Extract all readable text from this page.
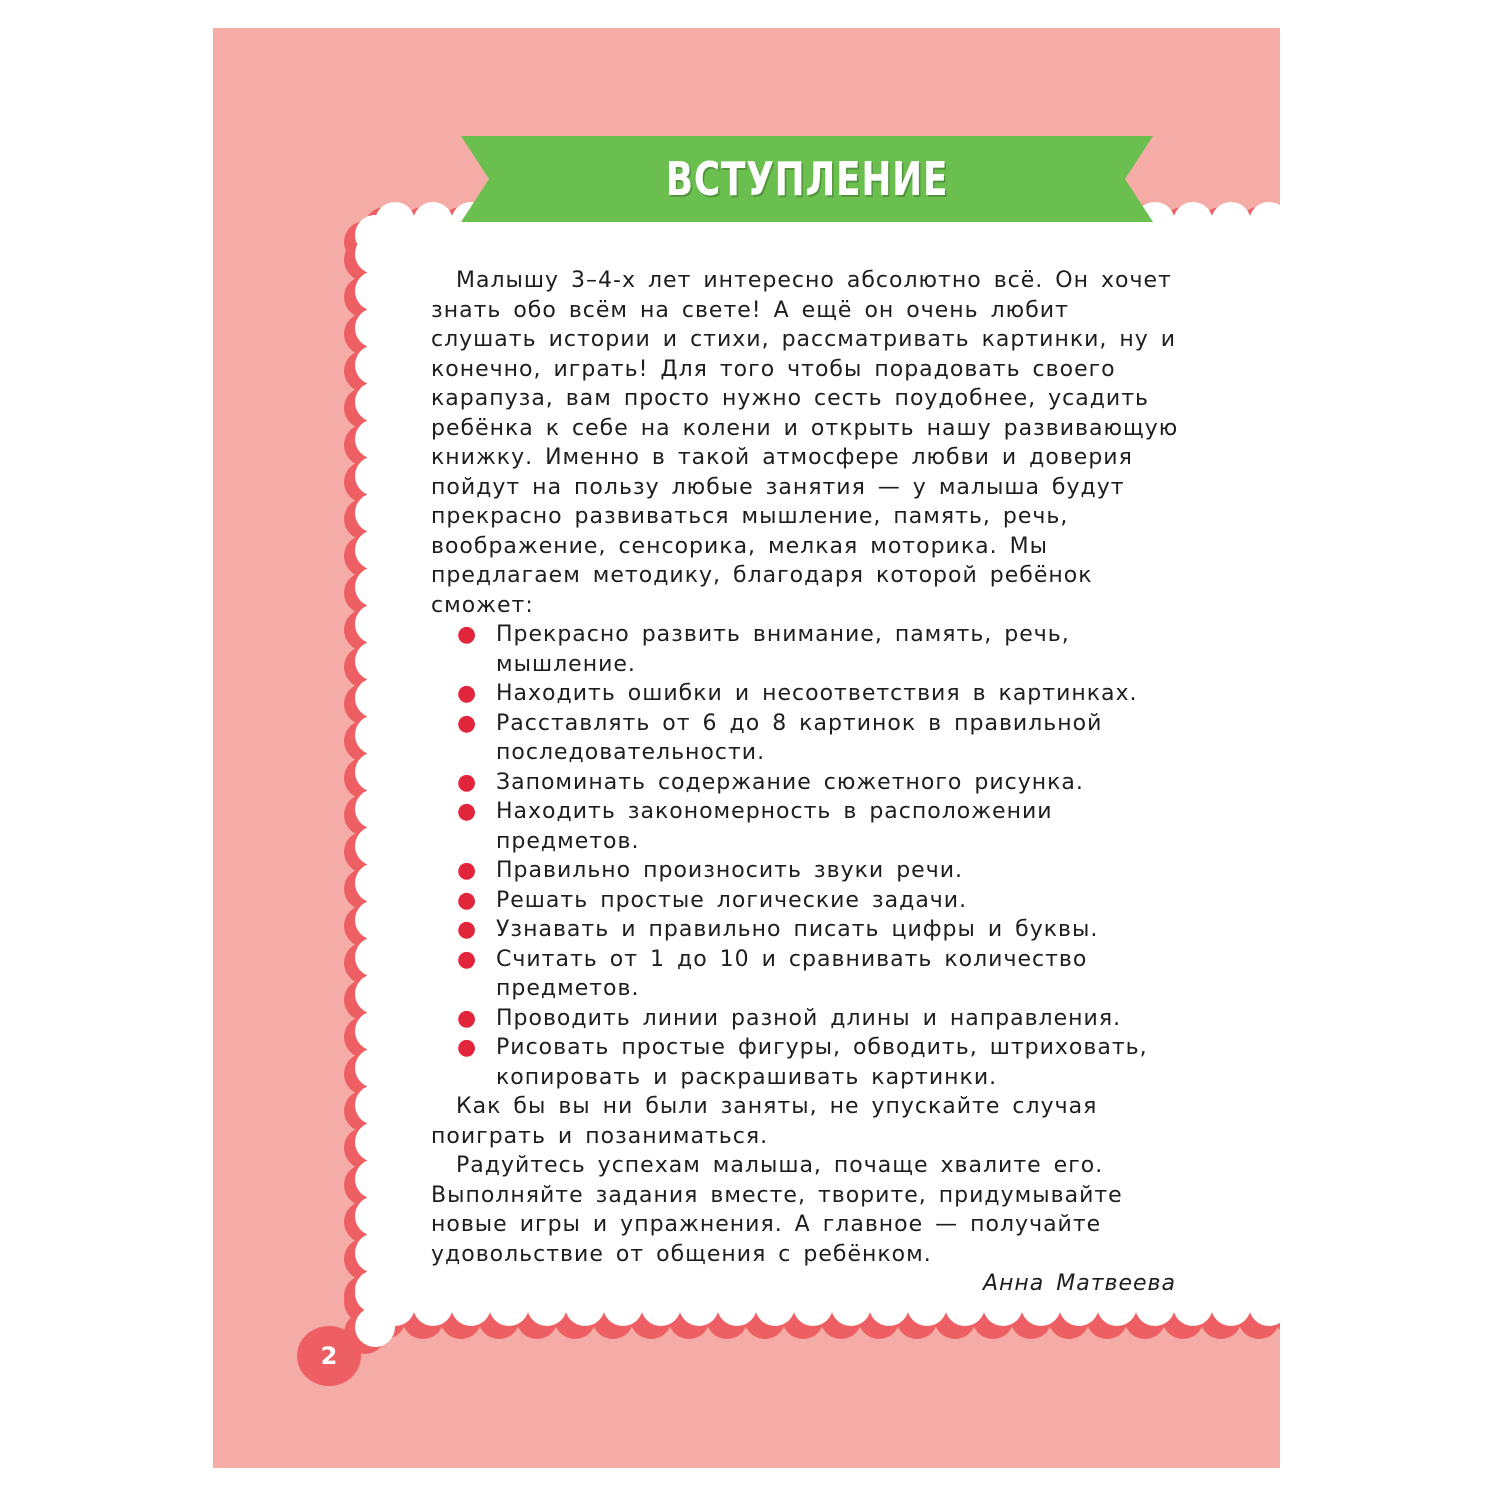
ВСТУПЛЕНИЕ

Малышу 3–4-х лет интересно абсолютно всё. Он хочет знать обо всём на свете! А ещё он очень любит слушать истории и стихи, рассматривать картинки, ну и конечно, играть! Для того чтобы порадовать своего карапуза, вам просто нужно сесть поудобнее, усадить ребёнка к себе на колени и открыть нашу развивающую книжку. Именно в такой атмосфере любви и доверия пойдут на пользу любые занятия — у малыша будут прекрасно развиваться мышление, память, речь, воображение, сенсорика, мелкая моторика. Мы предлагаем методику, благодаря которой ребёнок сможет:

● Прекрасно развить внимание, память, речь, мышление.
● Находить ошибки и несоответствия в картинках.
● Расставлять от 6 до 8 картинок в правильной последовательности.
● Запоминать содержание сюжетного рисунка.
● Находить закономерность в расположении предметов.
● Правильно произносить звуки речи.
● Решать простые логические задачи.
● Узнавать и правильно писать цифры и буквы.
● Считать от 1 до 10 и сравнивать количество предметов.
● Проводить линии разной длины и направления.
● Рисовать простые фигуры, обводить, штриховать, копировать и раскрашивать картинки.

Как бы вы ни были заняты, не упускайте случая поиграть и позаниматься.

Радуйтесь успехам малыша, почаще хвалите его. Выполняйте задания вместе, творите, придумывайте новые игры и упражнения. А главное — получайте удовольствие от общения с ребёнком.

Анна Матвеева

2
